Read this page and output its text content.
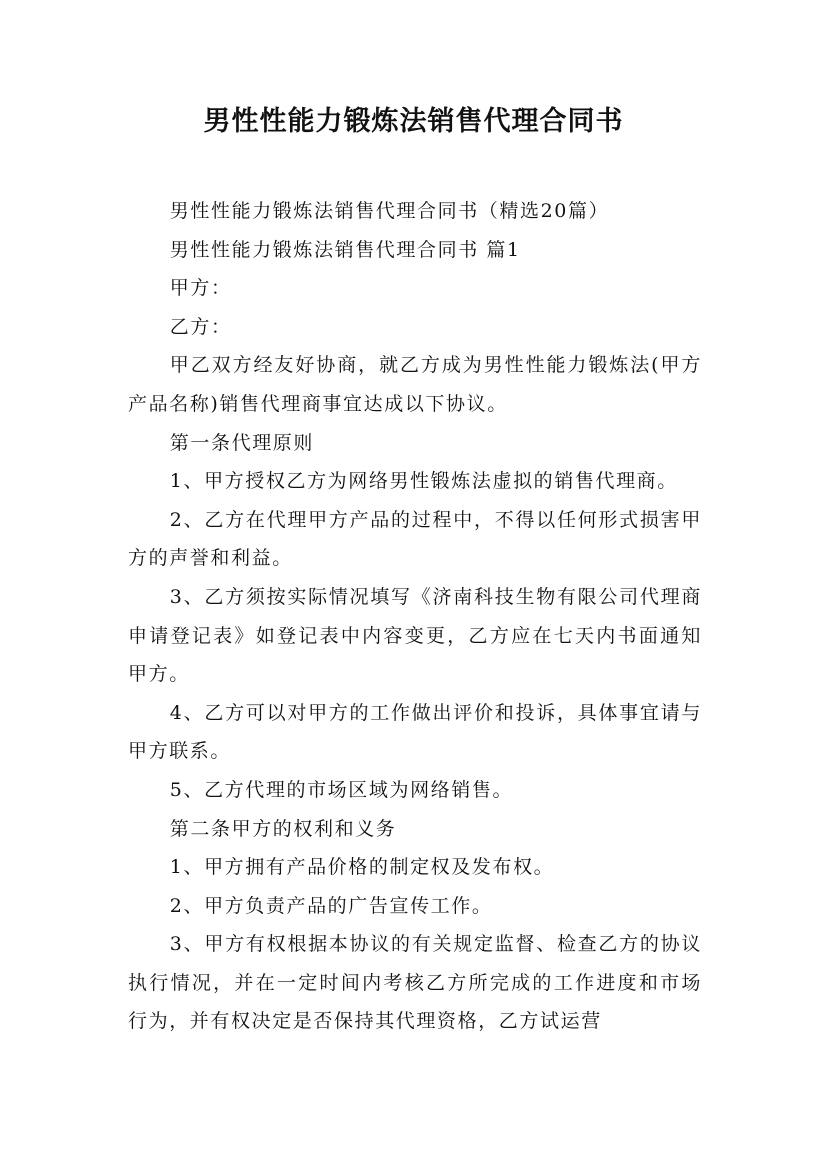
男性性能力锻炼法销售代理合同书

男性性能力锻炼法销售代理合同书（精选20篇）

男性性能力锻炼法销售代理合同书 篇1

甲方：

乙方：

甲乙双方经友好协商，就乙方成为男性性能力锻炼法(甲方产品名称)销售代理商事宜达成以下协议。

第一条代理原则

1、甲方授权乙方为网络男性锻炼法虚拟的销售代理商。

2、乙方在代理甲方产品的过程中，不得以任何形式损害甲方的声誉和利益。

3、乙方须按实际情况填写《济南科技生物有限公司代理商申请登记表》如登记表中内容变更，乙方应在七天内书面通知甲方。

4、乙方可以对甲方的工作做出评价和投诉，具体事宜请与甲方联系。

5、乙方代理的市场区域为网络销售。

第二条甲方的权利和义务

1、甲方拥有产品价格的制定权及发布权。

2、甲方负责产品的广告宣传工作。

3、甲方有权根据本协议的有关规定监督、检查乙方的协议执行情况，并在一定时间内考核乙方所完成的工作进度和市场行为，并有权决定是否保持其代理资格，乙方试运营
